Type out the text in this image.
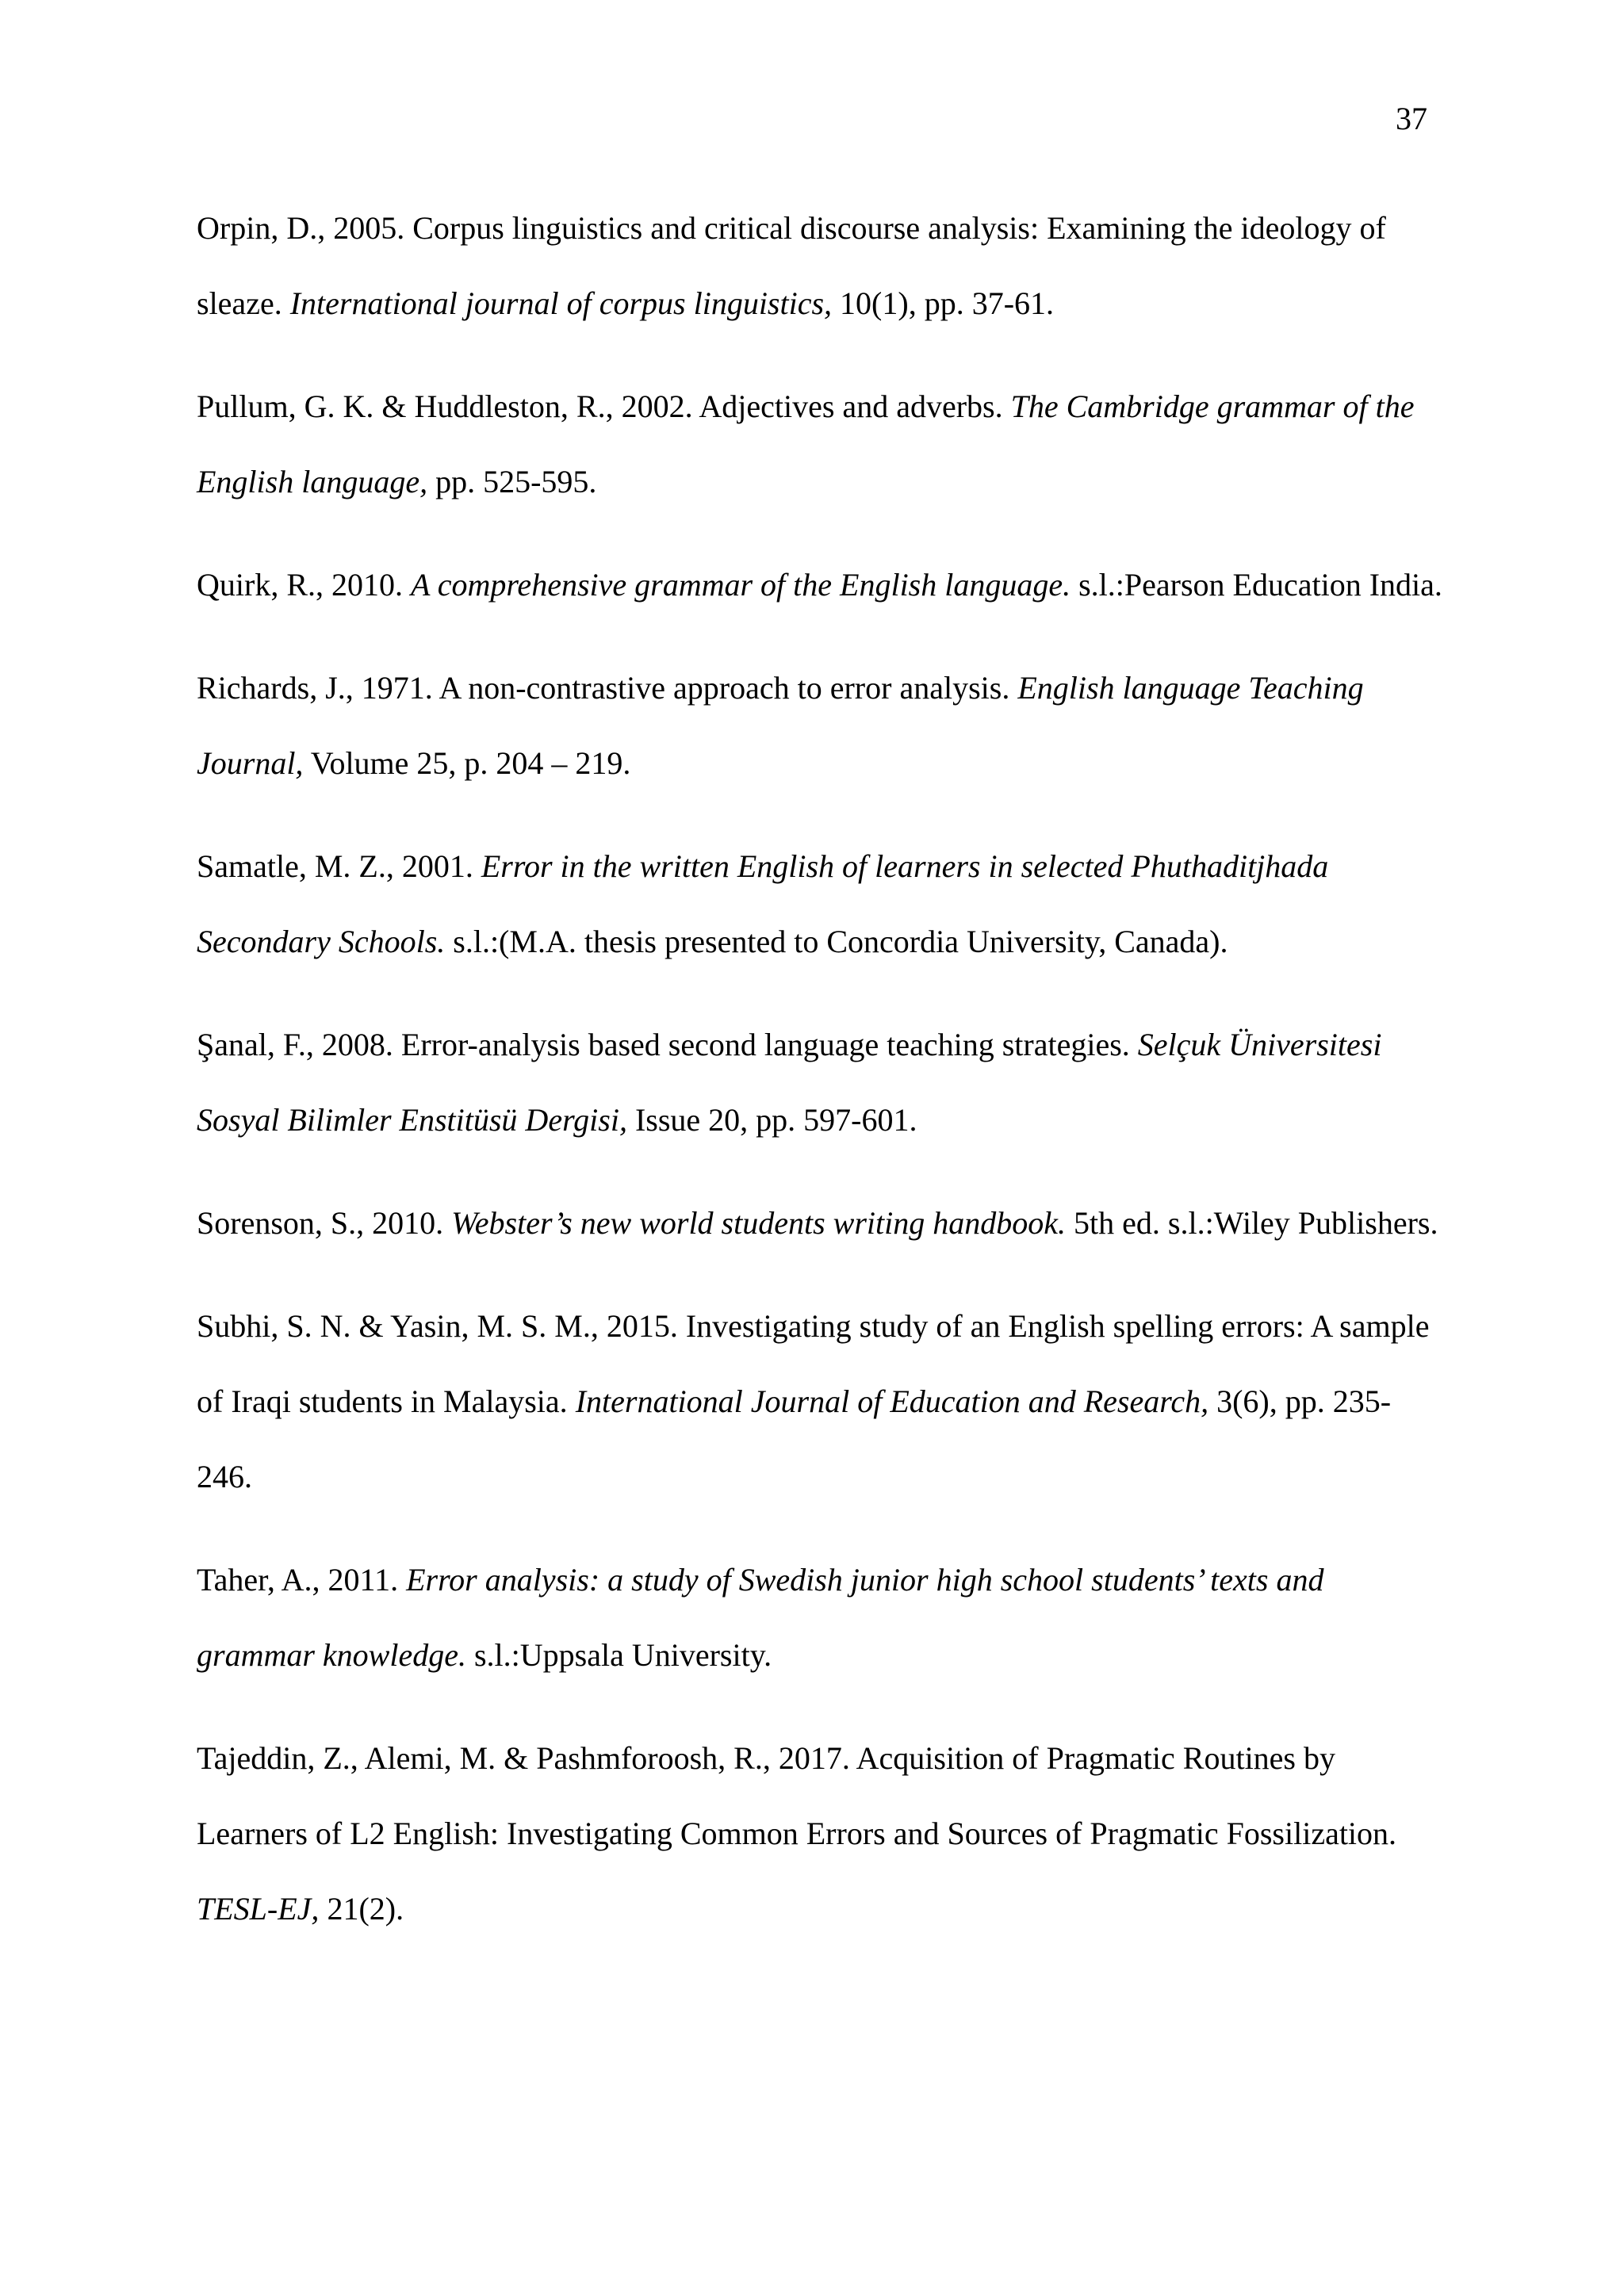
37

Orpin, D., 2005. Corpus linguistics and critical discourse analysis: Examining the ideology of sleaze. International journal of corpus linguistics, 10(1), pp. 37-61.
Pullum, G. K. & Huddleston, R., 2002. Adjectives and adverbs. The Cambridge grammar of the English language, pp. 525-595.
Quirk, R., 2010. A comprehensive grammar of the English language. s.l.:Pearson Education India.
Richards, J., 1971. A non-contrastive approach to error analysis. English language Teaching Journal, Volume 25, p. 204 – 219.
Samatle, M. Z., 2001. Error in the written English of learners in selected Phuthaditjhada Secondary Schools. s.l.:(M.A. thesis presented to Concordia University, Canada).
Şanal, F., 2008. Error-analysis based second language teaching strategies. Selçuk Üniversitesi Sosyal Bilimler Enstitüsü Dergisi, Issue 20, pp. 597-601.
Sorenson, S., 2010. Webster’s new world students writing handbook. 5th ed. s.l.:Wiley Publishers.
Subhi, S. N. & Yasin, M. S. M., 2015. Investigating study of an English spelling errors: A sample of Iraqi students in Malaysia. International Journal of Education and Research, 3(6), pp. 235-246.
Taher, A., 2011. Error analysis: a study of Swedish junior high school students’ texts and grammar knowledge. s.l.:Uppsala University.
Tajeddin, Z., Alemi, M. & Pashmforoosh, R., 2017. Acquisition of Pragmatic Routines by Learners of L2 English: Investigating Common Errors and Sources of Pragmatic Fossilization. TESL-EJ, 21(2).
